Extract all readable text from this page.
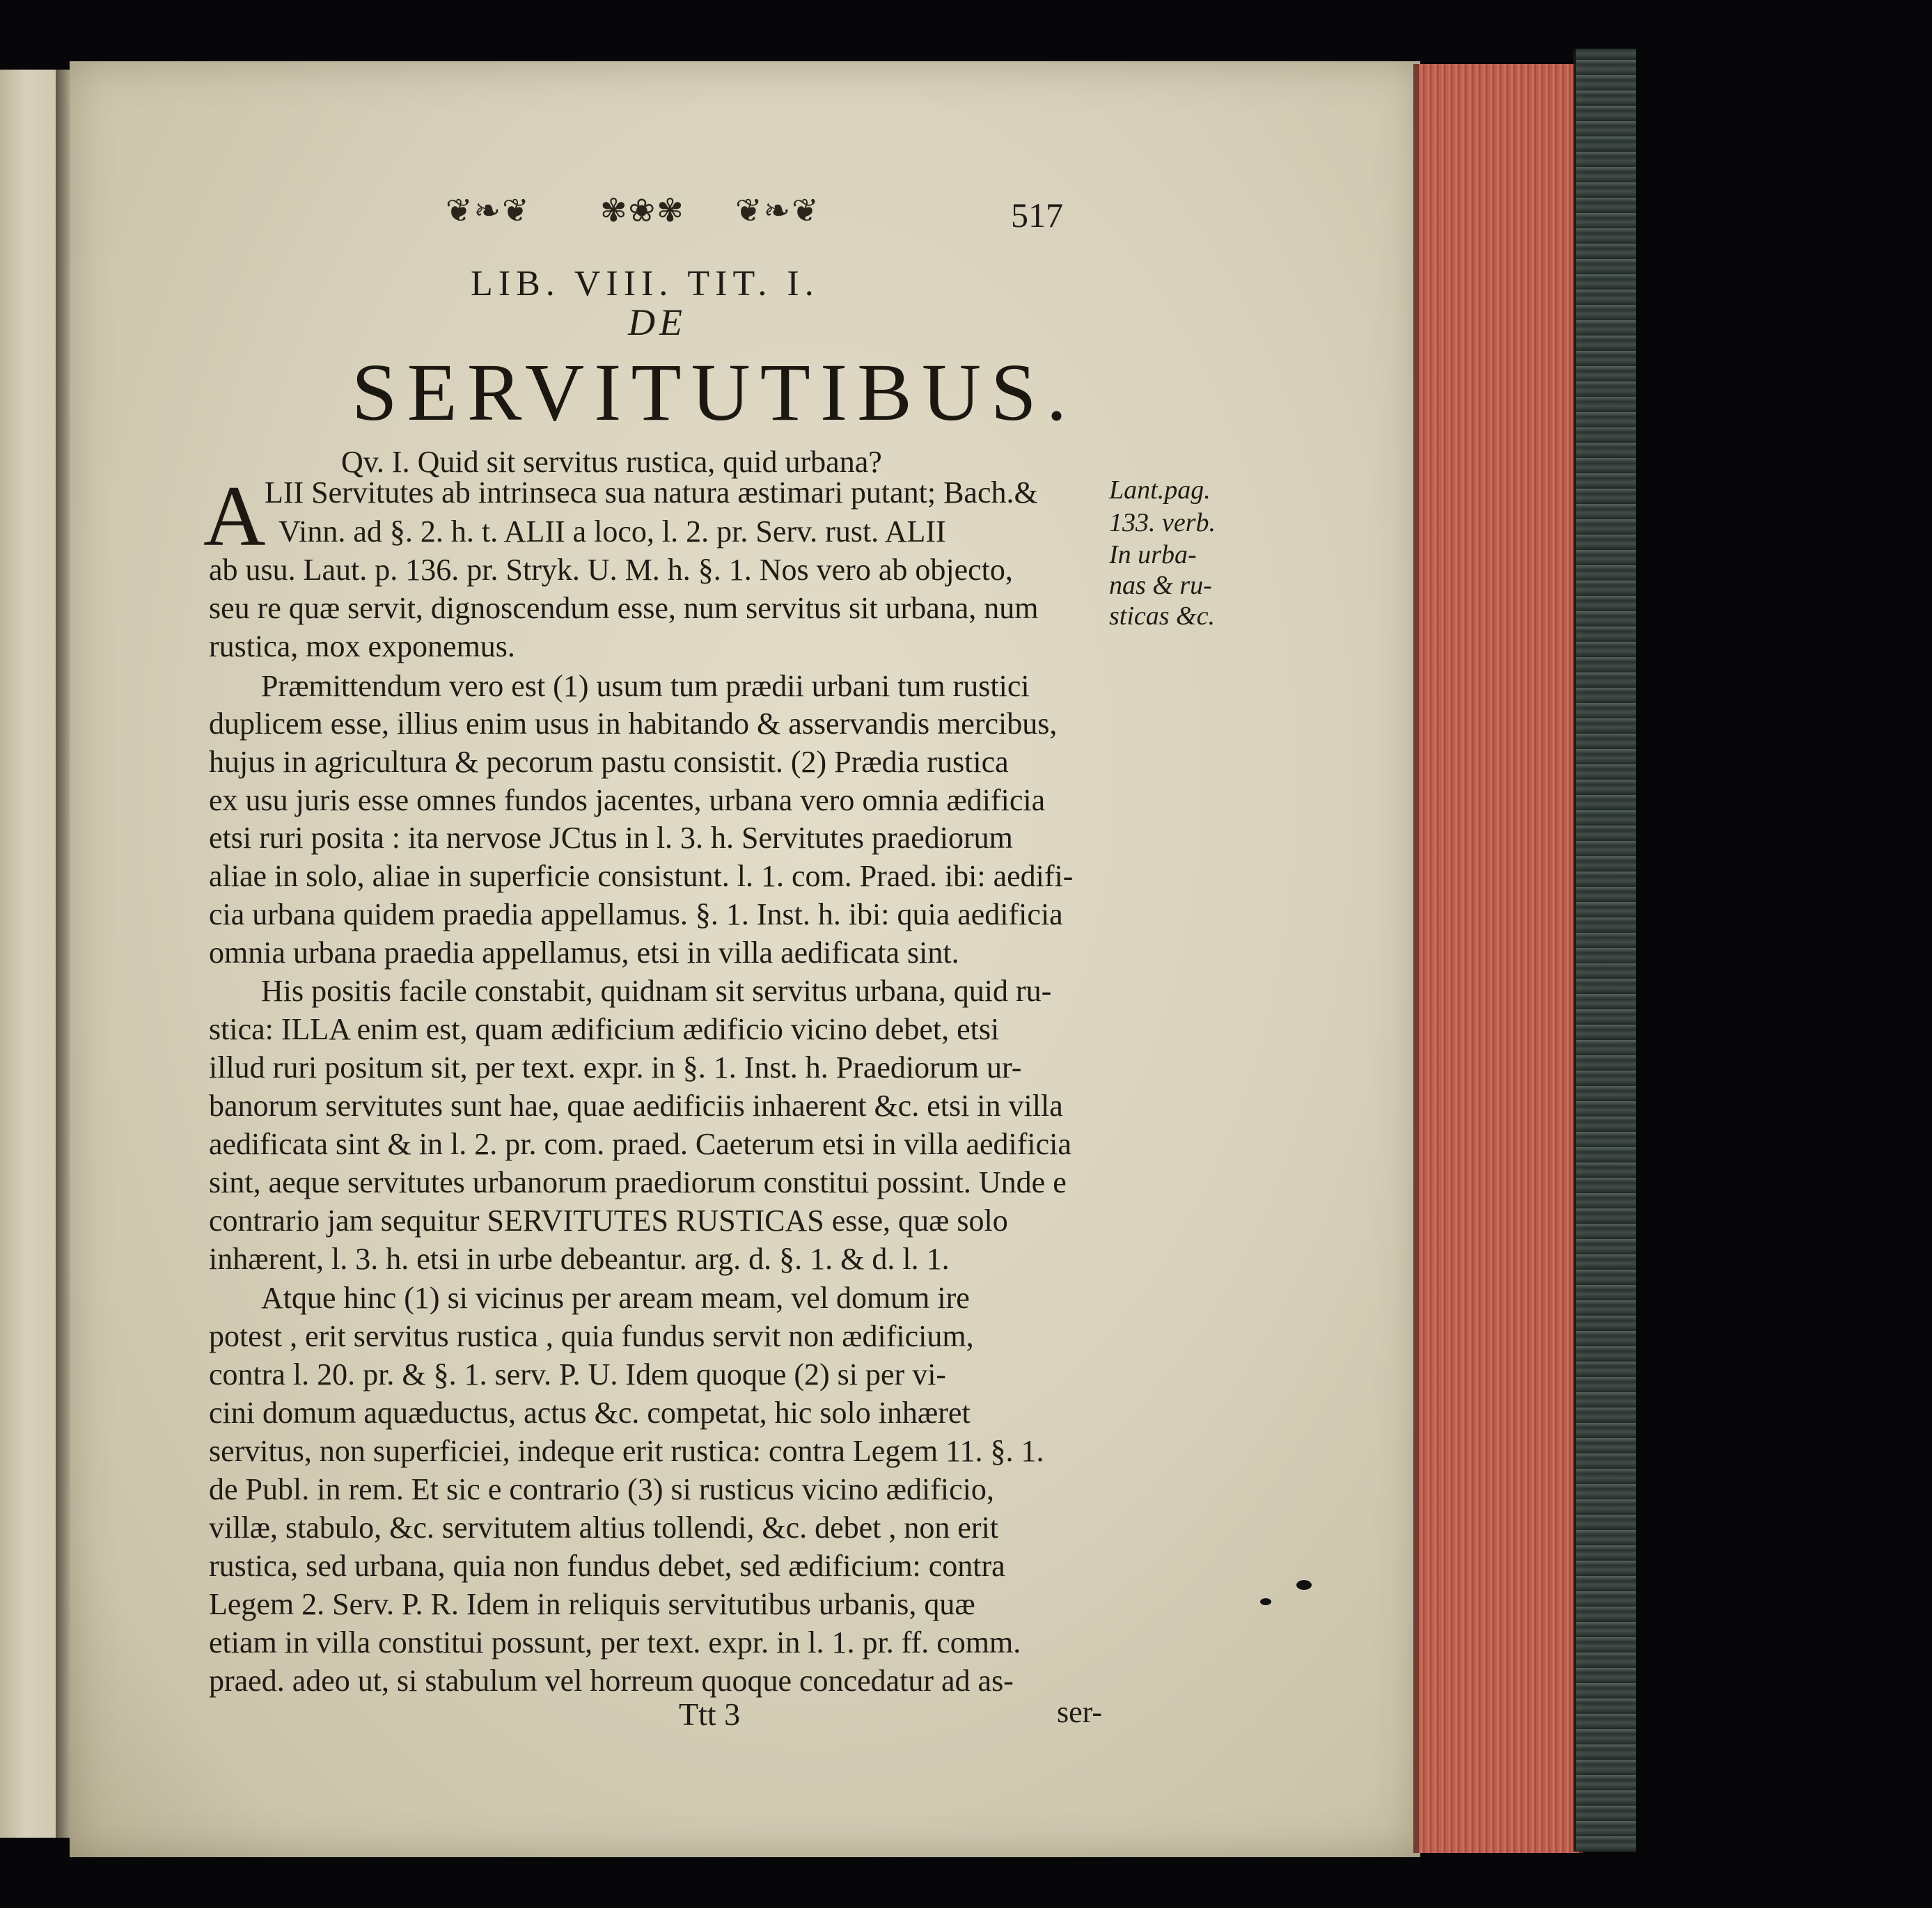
❦❧❦ ✾❀✾ ❦❧❦	517
LIB. VIII. TIT. I.
DE
SERVITUTIBUS.
Qv. I. Quid sit servitus rustica, quid urbana?
A	Lant.pag.
133. verb.
In urba-
nas & ru-
sticas &c.
LII Servitutes ab intrinseca sua natura æstimari putant; Bach.&
Vinn. ad §. 2. h. t. ALII a loco, l. 2. pr. Serv. rust. ALII
ab usu. Laut. p. 136. pr. Stryk. U. M. h. §. 1. Nos vero ab objecto,
seu re quæ servit, dignoscendum esse, num servitus sit urbana, num
rustica, mox exponemus.
Præmittendum vero est (1) usum tum prædii urbani tum rustici
duplicem esse, illius enim usus in habitando & asservandis mercibus,
hujus in agricultura & pecorum pastu consistit. (2) Prædia rustica
ex usu juris esse omnes fundos jacentes, urbana vero omnia ædificia
etsi ruri posita : ita nervose JCtus in l. 3. h. Servitutes praediorum
aliae in solo, aliae in superficie consistunt. l. 1. com. Praed. ibi: aedifi-
cia urbana quidem praedia appellamus. §. 1. Inst. h. ibi: quia aedificia
omnia urbana praedia appellamus, etsi in villa aedificata sint.
His positis facile constabit, quidnam sit servitus urbana, quid ru-
stica: ILLA enim est, quam ædificium ædificio vicino debet, etsi
illud ruri positum sit, per text. expr. in §. 1. Inst. h. Praediorum ur-
banorum servitutes sunt hae, quae aedificiis inhaerent &c. etsi in villa
aedificata sint & in l. 2. pr. com. praed. Caeterum etsi in villa aedificia
sint, aeque servitutes urbanorum praediorum constitui possint. Unde e
contrario jam sequitur SERVITUTES RUSTICAS esse, quæ solo
inhærent, l. 3. h. etsi in urbe debeantur. arg. d. §. 1. & d. l. 1.
Atque hinc (1) si vicinus per aream meam, vel domum ire
potest , erit servitus rustica , quia fundus servit non ædificium,
contra l. 20. pr. & §. 1. serv. P. U. Idem quoque (2) si per vi-
cini domum aquæductus, actus &c. competat, hic solo inhæret
servitus, non superficiei, indeque erit rustica: contra Legem 11. §. 1.
de Publ. in rem. Et sic e contrario (3) si rusticus vicino ædificio,
villæ, stabulo, &c. servitutem altius tollendi, &c. debet , non erit
rustica, sed urbana, quia non fundus debet, sed ædificium: contra
Legem 2. Serv. P. R. Idem in reliquis servitutibus urbanis, quæ
etiam in villa constitui possunt, per text. expr. in l. 1. pr. ff. comm.
praed. adeo ut, si stabulum vel horreum quoque concedatur ad as-
Ttt 3	ser-
